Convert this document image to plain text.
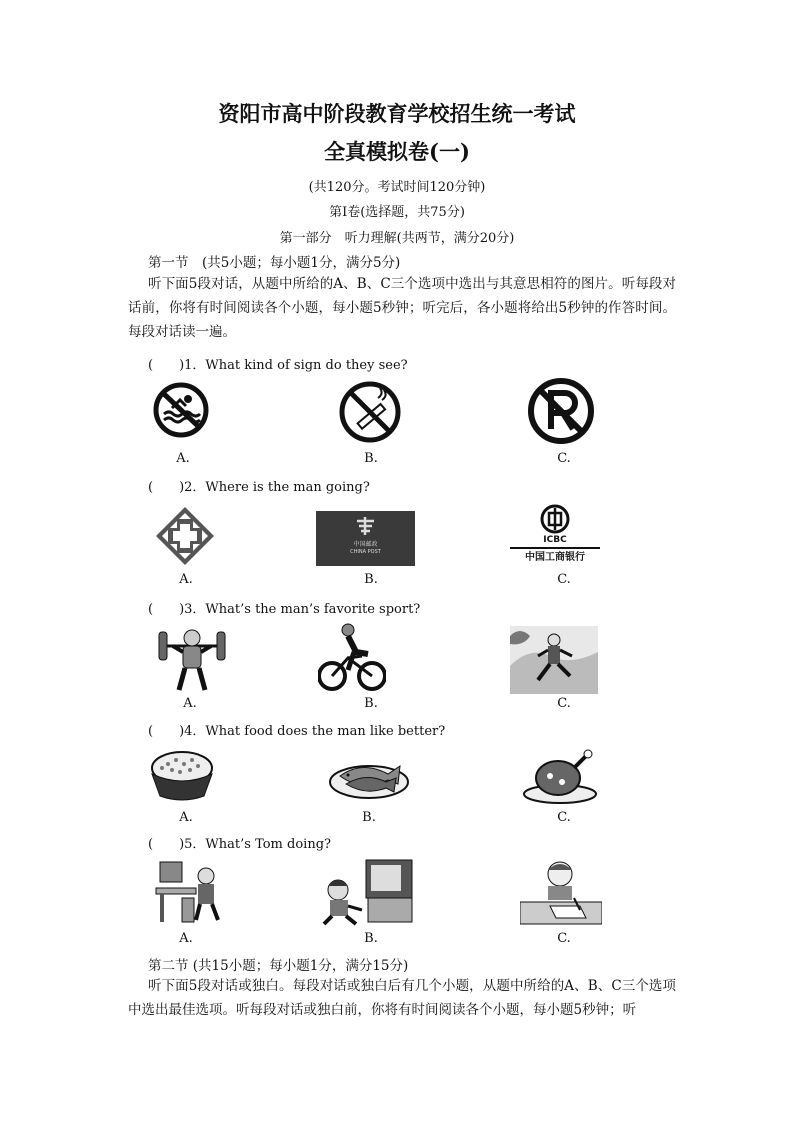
资阳市高中阶段教育学校招生统一考试
全真模拟卷(一)
(共120分。考试时间120分钟)
第Ⅰ卷(选择题，共75分)
第一部分　听力理解(共两节，满分20分)
第一节　(共5小题；每小题1分，满分5分)
听下面5段对话，从题中所给的A、B、C三个选项中选出与其意思相符的图片。听每段对话前，你将有时间阅读各个小题，每小题5秒钟；听完后，各小题将给出5秒钟的作答时间。每段对话读一遍。
(　　)1．What kind of sign do they see?
A.	B.	C.
(　　)2．Where is the man going?
中国邮政
CHINA POST
ICBC
中国工商银行
A.	B.	C.
(　　)3．What’s the man’s favorite sport?
A.	B.	C.
(　　)4．What food does the man like better?
A.	B.	C.
(　　)5．What’s Tom doing?
A.	B.	C.
第二节 (共15小题；每小题1分，满分15分)
听下面5段对话或独白。每段对话或独白后有几个小题，从题中所给的A、B、C三个选项中选出最佳选项。听每段对话或独白前，你将有时间阅读各个小题，每小题5秒钟；听
